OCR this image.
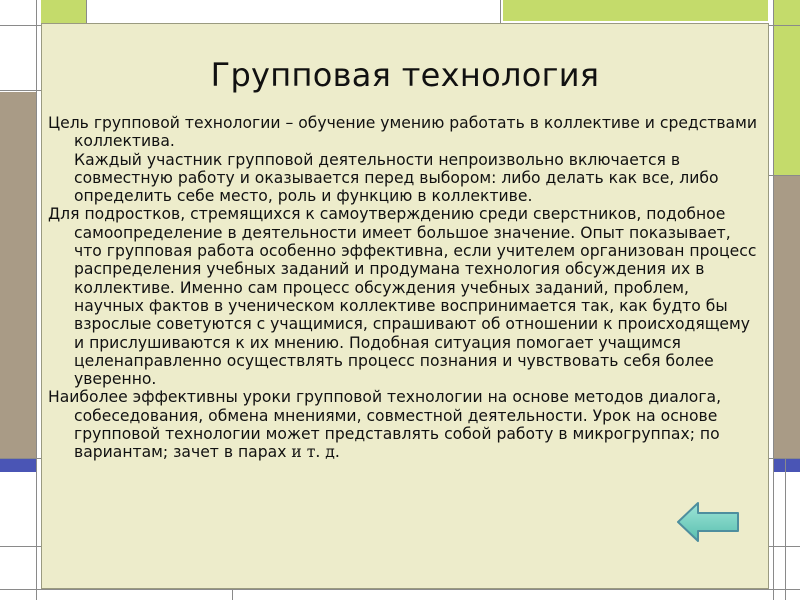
Групповая технология

Цель групповой технологии – обучение умению работать в коллективе и средствами коллектива.

Каждый участник групповой деятельности непроизвольно включается в совместную работу и оказывается перед выбором: либо делать как все, либо определить себе место, роль и функцию в коллективе.

Для подростков, стремящихся к самоутверждению среди сверстников, подобное самоопределение в деятельности имеет большое значение. Опыт показывает, что групповая работа особенно эффективна, если учителем организован процесс распределения учебных заданий и продумана технология обсуждения их в коллективе. Именно сам процесс обсуждения учебных заданий, проблем, научных фактов в ученическом коллективе воспринимается так, как будто бы взрослые советуются с учащимися, спрашивают об отношении к происходящему и прислушиваются к их мнению. Подобная ситуация помогает учащимся целенаправленно осуществлять процесс познания и чувствовать себя более уверенно.

Наиболее эффективны уроки групповой технологии на основе методов диалога, собеседования, обмена мнениями, совместной деятельности. Урок на основе групповой технологии может представлять собой работу в микрогруппах; по вариантам; зачет в парах и т. д.
